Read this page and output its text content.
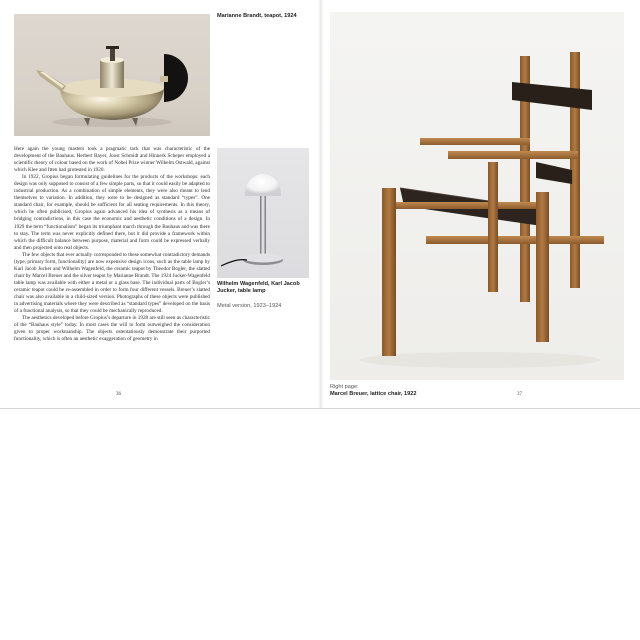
Marianne Brandt, teapot, 1924
Wilhelm Wagenfeld, Karl Jacob Jucker, table lamp
Metal version, 1923–1924

Here again the young masters took a pragmatic tack that was characteristic of the development of the Bauhaus. Herbert Bayer, Joost Schmidt and Hinnerk Scheper employed a scientific theory of colour based on the work of Nobel Prize winner Wilhelm Ostwald, against which Klee and Itten had protested in 1920.

In 1922, Gropius began formulating guidelines for the products of the workshops: each design was only supposed to consist of a few simple parts, so that it could easily be adapted to industrial production. As a combination of simple elements, they were also meant to lend themselves to variation. In addition, they were to be designed as standard “types”. One standard chair, for example, should be sufficient for all seating requirements. In this theory, which he often publicised, Gropius again advanced his idea of synthesis as a means of bridging contradictions, in this case the economic and aesthetic conditions of a design. In 1929 the term “functionalism” began its triumphant march through the Bauhaus and was there to stay. The term was never explicitly defined there, but it did provide a framework within which the difficult balance between purpose, material and form could be expressed verbally and then projected onto real objects.

The few objects that ever actually corresponded to these somewhat contradictory demands (type, primary form, functionality) are now expensive design icons, such as the table lamp by Karl Jacob Jucker and Wilhelm Wagenfeld, the ceramic teapot by Theodor Bogler, the slatted chair by Marcel Breuer and the silver teapot by Marianne Brandt. The 1924 Jucker-Wagenfeld table lamp was available with either a metal or a glass base. The individual parts of Bogler’s ceramic teapot could be re-assembled in order to form four different vessels. Breuer’s slatted chair was also available in a child-sized version. Photographs of these objects were published in advertising materials where they were described as “standard types” developed on the basis of a functional analysis, so that they could be mechanically reproduced.

The aesthetics developed before Gropius’s departure in 1928 are still seen as characteristic of the “Bauhaus style” today. In most cases the will to form outweighed the consideration given to proper workmanship. The objects ostentatiously demonstrate their purported functionality, which is often an aesthetic exaggeration of geometry in

36
Right page:
Marcel Breuer, lattice chair, 1922	37
